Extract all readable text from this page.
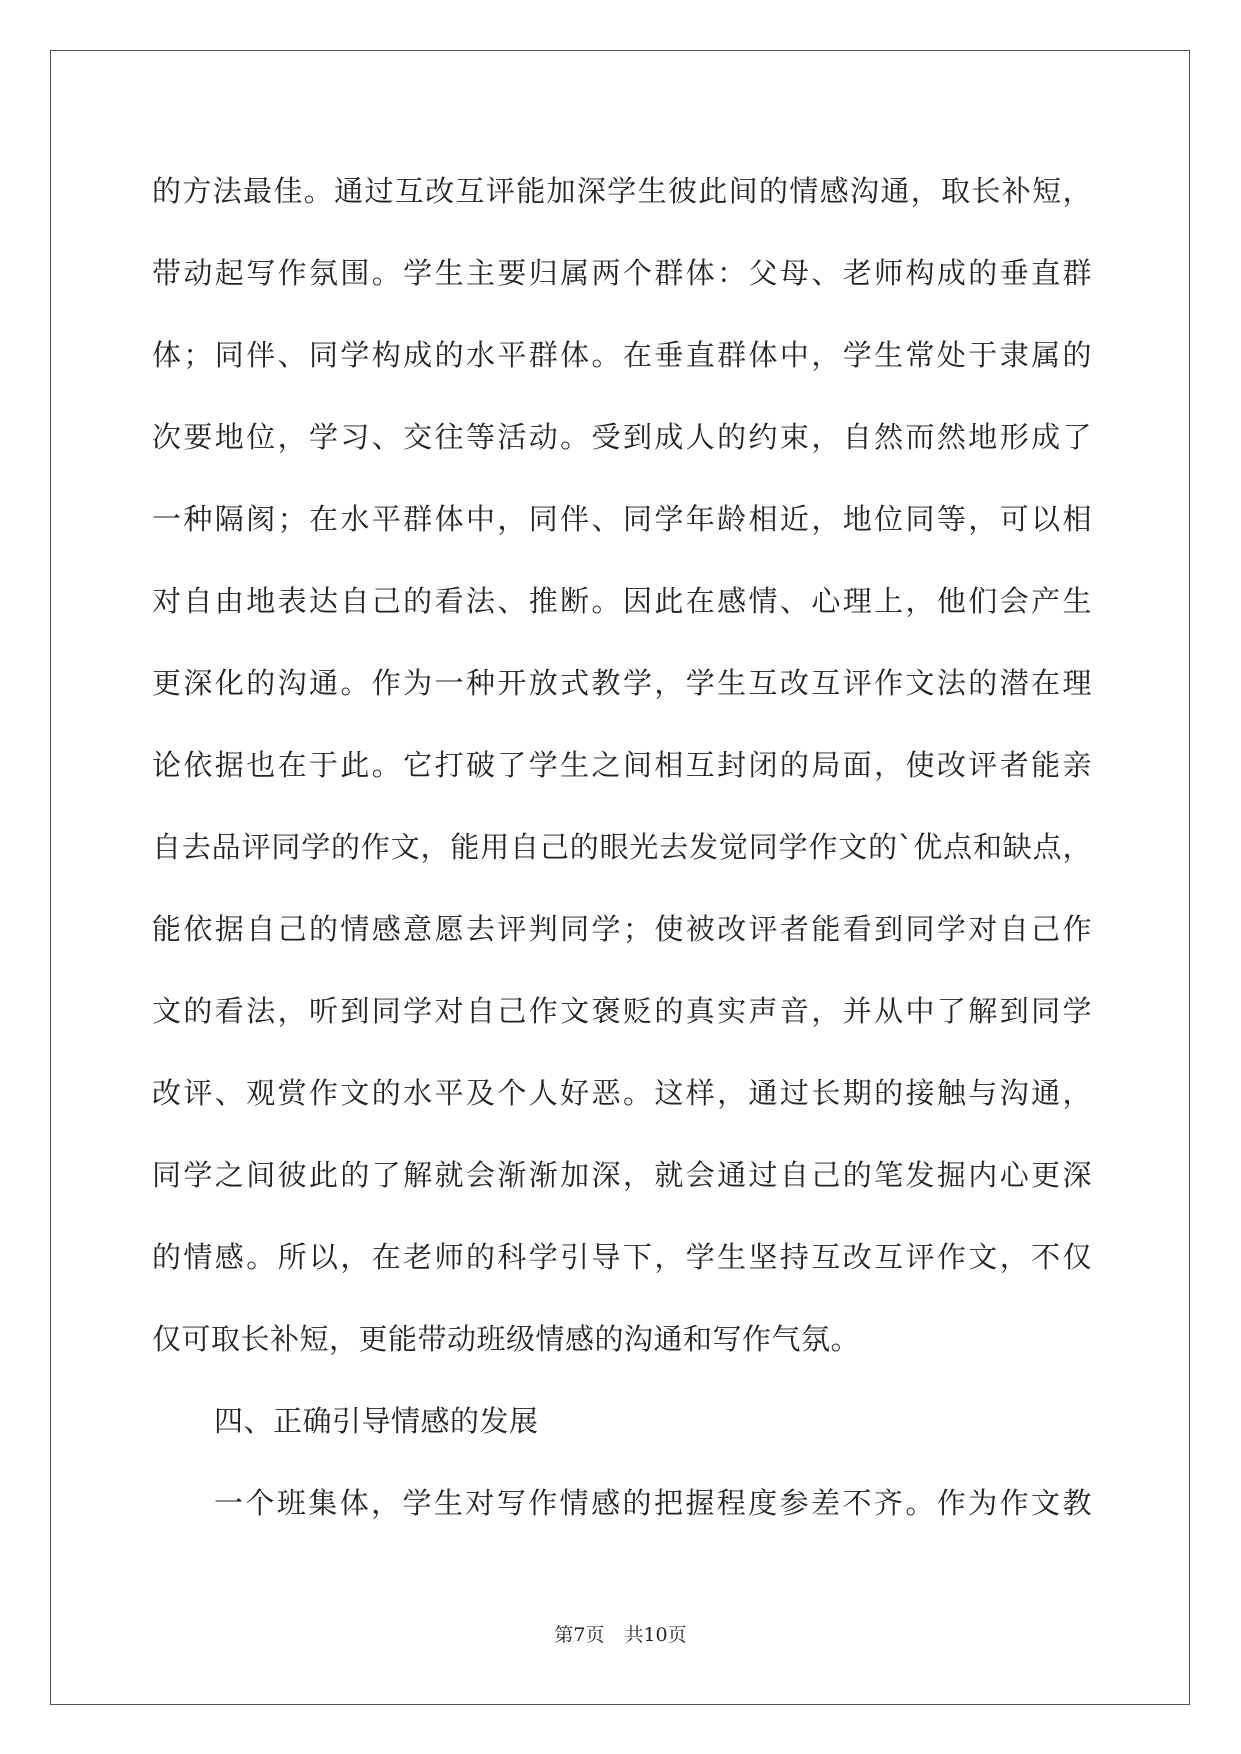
的方法最佳。通过互改互评能加深学生彼此间的情感沟通，取长补短，
带动起写作氛围。学生主要归属两个群体：父母、老师构成的垂直群
体；同伴、同学构成的水平群体。在垂直群体中，学生常处于隶属的
次要地位，学习、交往等活动。受到成人的约束，自然而然地形成了
一种隔阂；在水平群体中，同伴、同学年龄相近，地位同等，可以相
对自由地表达自己的看法、推断。因此在感情、心理上，他们会产生
更深化的沟通。作为一种开放式教学，学生互改互评作文法的潜在理
论依据也在于此。它打破了学生之间相互封闭的局面，使改评者能亲
自去品评同学的作文，能用自己的眼光去发觉同学作文的`优点和缺点，
能依据自己的情感意愿去评判同学；使被改评者能看到同学对自己作
文的看法，听到同学对自己作文褒贬的真实声音，并从中了解到同学
改评、观赏作文的水平及个人好恶。这样，通过长期的接触与沟通，
同学之间彼此的了解就会渐渐加深，就会通过自己的笔发掘内心更深
的情感。所以，在老师的科学引导下，学生坚持互改互评作文，不仅
仅可取长补短，更能带动班级情感的沟通和写作气氛。
四、正确引导情感的发展
一个班集体，学生对写作情感的把握程度参差不齐。作为作文教
第7页 共10页
